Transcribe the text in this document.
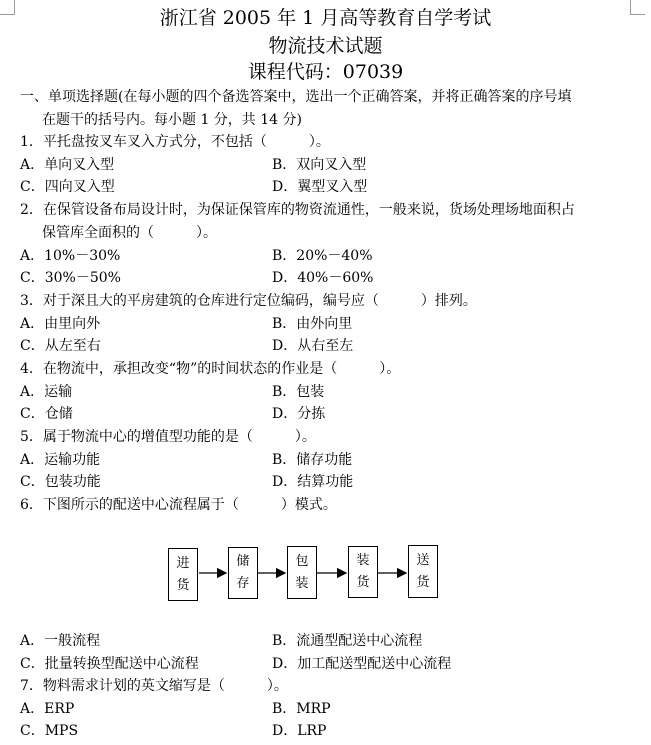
浙江省 2005 年 1 月高等教育自学考试
物流技术试题
课程代码：07039
一、单项选择题(在每小题的四个备选答案中，选出一个正确答案，并将正确答案的序号填
在题干的括号内。每小题 1 分，共 14 分)
1．平托盘按叉车叉入方式分，不包括（　　　）。
A．单向叉入型	B．双向叉入型
C．四向叉入型	D．翼型叉入型
2．在保管设备布局设计时，为保证保管库的物资流通性，一般来说，货场处理场地面积占
保管库全面积的（　　　）。
A．10%－30%	B．20%－40%
C．30%－50%	D．40%－60%
3．对于深且大的平房建筑的仓库进行定位编码，编号应（　　　）排列。
A．由里向外	B．由外向里
C．从左至右	D．从右至左
4．在物流中，承担改变“物”的时间状态的作业是（　　　）。
A．运输	B．包装
C．仓储	D．分拣
5．属于物流中心的增值型功能的是（　　　）。
A．运输功能	B．储存功能
C．包装功能	D．结算功能
6．下图所示的配送中心流程属于（　　　）模式。
进货
储存
包装
装货
送货
A．一般流程	B．流通型配送中心流程
C．批量转换型配送中心流程	D．加工配送型配送中心流程
7．物料需求计划的英文缩写是（　　　）。
A．ERP	B．MRP
C．MPS	D．LRP
